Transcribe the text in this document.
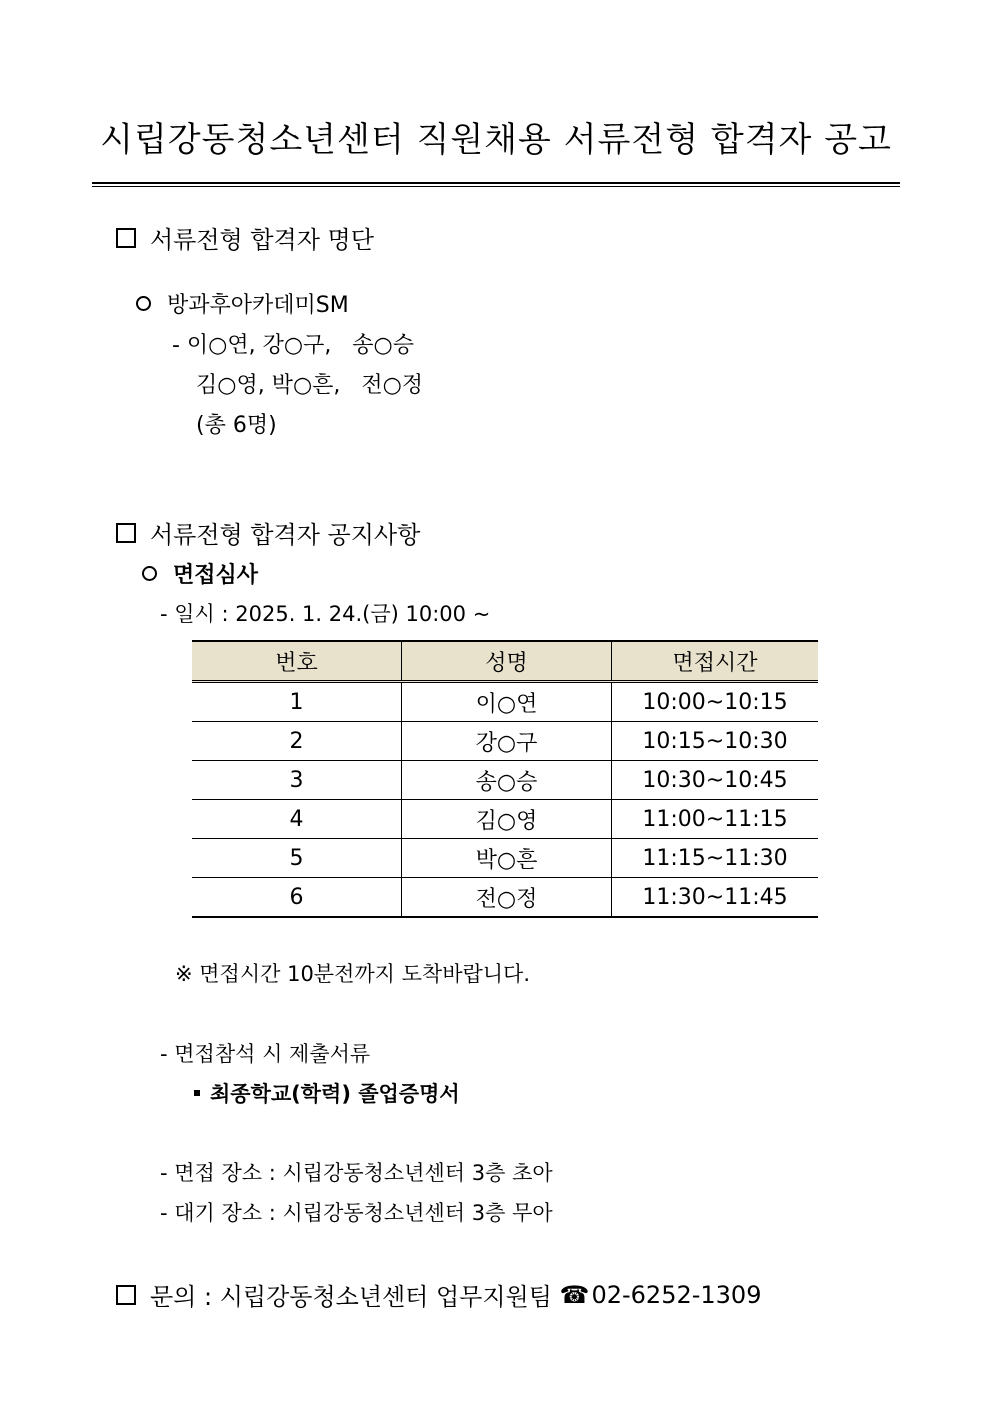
시립강동청소년센터 직원채용 서류전형 합격자 공고
서류전형 합격자 명단
방과후아카데미SM
- 이○연, 강○구,   송○승
김○영, 박○흔,   전○정
(총 6명)
서류전형 합격자 공지사항
면접심사
- 일시 : 2025. 1. 24.(금) 10:00 ~
번호	성명	면접시간
1	이○연	10:00~10:15
2	강○구	10:15~10:30
3	송○승	10:30~10:45
4	김○영	11:00~11:15
5	박○흔	11:15~11:30
6	전○정	11:30~11:45
※ 면접시간 10분전까지 도착바랍니다.
- 면접참석 시 제출서류
최종학교(학력) 졸업증명서
- 면접 장소 : 시립강동청소년센터 3층 초아
- 대기 장소 : 시립강동청소년센터 3층 무아
문의 : 시립강동청소년센터 업무지원팀 ☎ 02-6252-1309
